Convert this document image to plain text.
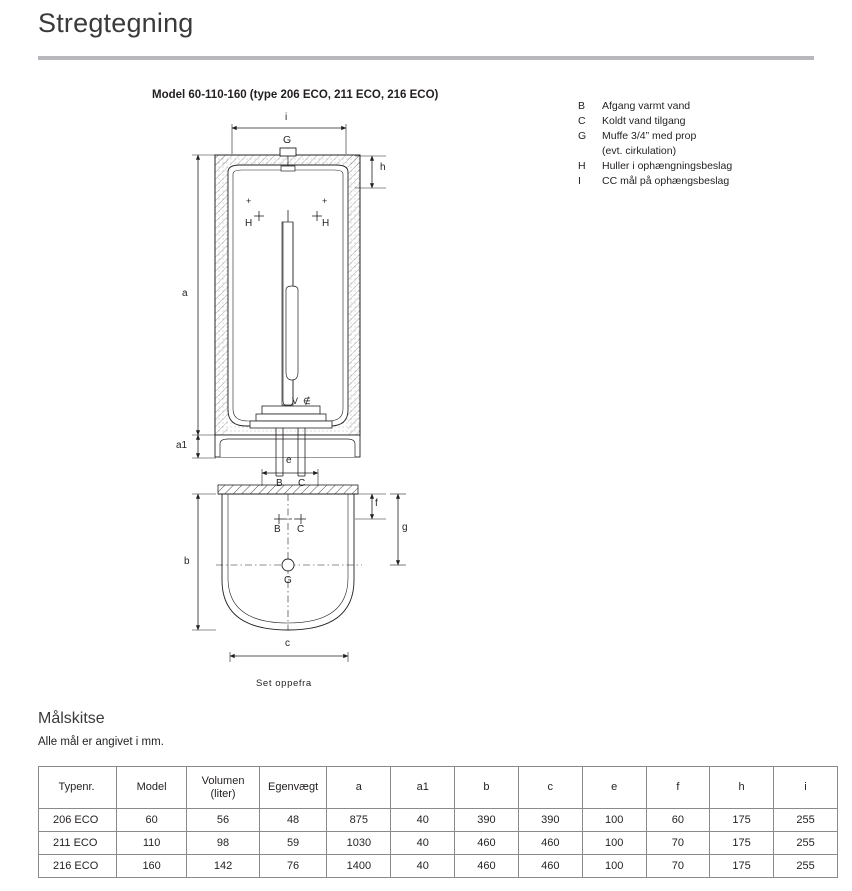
Stregtegning
Model 60-110-160 (type 206 ECO, 211 ECO, 216 ECO)
B	Afgang varmt vand
C	Koldt vand tilgang
G	Muffe 3/4” med prop
(evt. cirkulation)
H	Huller i ophængningsbeslag
I	CC mål på ophængsbeslag
V ∉
i
G
h
a
a1
+	+
H	H
B C
e
f
g
b
B C
G
c
Set oppefra
Målskitse
Alle mål er angivet i mm.
Typenr.	Model	Volumen
(liter)	Egenvægt	a	a1	b	c	e	f	h	i
206 ECO	60	56	48	875	40	390	390	100	60	175	255
211 ECO	110	98	59	1030	40	460	460	100	70	175	255
216 ECO	160	142	76	1400	40	460	460	100	70	175	255
